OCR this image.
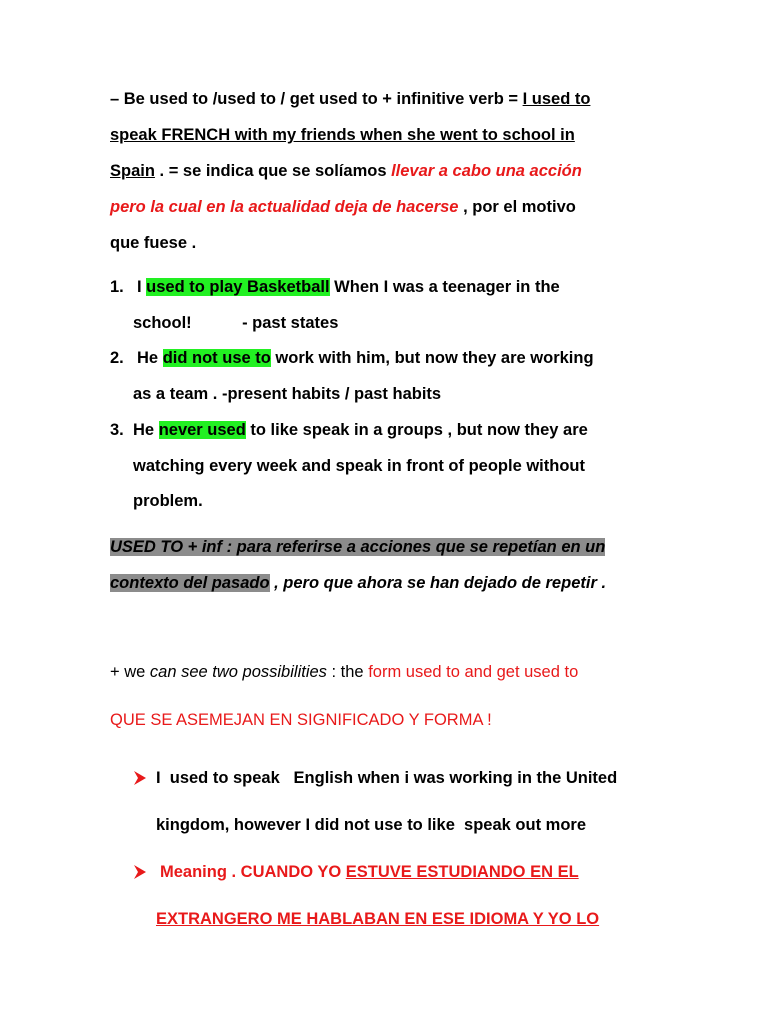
– Be used to /used to / get used to + infinitive verb = I used to
speak FRENCH with my friends when she went to school in
Spain . = se indica que se solíamos llevar a cabo una acción
pero la cual en la actualidad deja de hacerse , por el motivo
que fuese .
1. I used to play Basketball When I was a teenager in the
school!           - past states
2. He did not use to work with him, but now they are working
as a team . -present habits / past habits
3. He never used to like speak in a groups , but now they are
watching every week and speak in front of people without
problem.
USED TO + inf : para referirse a acciones que se repetían en un
contexto del pasado , pero que ahora se han dejado de repetir .
+ we can see two possibilities : the form used to and get used to
QUE SE ASEMEJAN EN SIGNIFICADO Y FORMA !
I  used to speak   English when i was working in the United
kingdom, however I did not use to like  speak out more
Meaning . CUANDO YO ESTUVE ESTUDIANDO EN EL
EXTRANGERO ME HABLABAN EN ESE IDIOMA Y YO LO
